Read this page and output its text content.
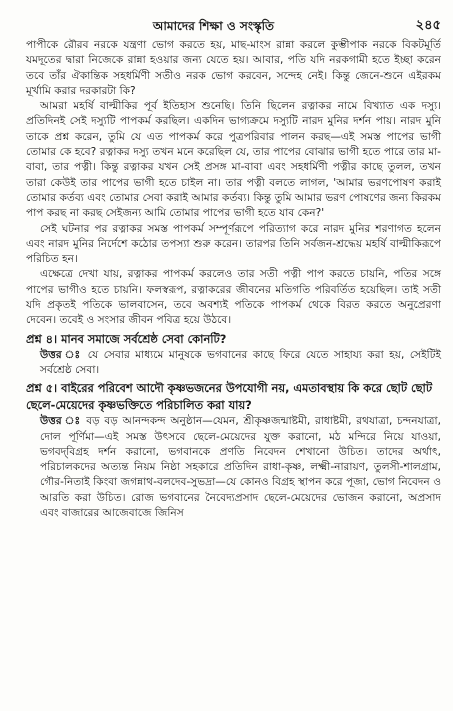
আমাদের শিক্ষা ও সংস্কৃতি	২৪৫

পাপীকে রৌরব নরকে যন্ত্রণা ভোগ করতে হয়, মাছ-মাংস রান্না করলে কুম্ভীপাক নরকে বিকটমূর্তি যমদূতের দ্বারা নিজেকে রান্না হওয়ার জন্য যেতে হয়। আবার, পতি যদি নরকগামী হতে ইচ্ছা করেন তবে তাঁর ঐকান্তিক সহধর্মিণী সতীও নরক ভোগ করবেন, সন্দেহ নেই। কিন্তু জেনে-শুনে এইরকম মূর্খামি করার দরকারটা কি?

আমরা মহর্ষি বাল্মীকির পূর্ব ইতিহাস শুনেছি। তিনি ছিলেন রত্নাকর নামে বিখ্যাত এক দস্যু। প্রতিদিনই সেই দস্যুটি পাপকর্ম করছিল। একদিন ভাগ্যক্রমে দস্যুটি নারদ মুনির দর্শন পায়। নারদ মুনি তাকে প্রশ্ন করেন, তুমি যে এত পাপকর্ম করে পুত্রপরিবার পালন করছ—এই সমস্ত পাপের ভাগী তোমার কে হবে? রত্নাকর দস্যু তখন মনে করেছিল যে, তার পাপের বোঝার ভাগী হতে পারে তার মা-বাবা, তার পত্নী। কিন্তু রত্নাকর যখন সেই প্রসঙ্গ মা-বাবা এবং সহধর্মিণী পত্নীর কাছে তুলল, তখন তারা কেউই তার পাপের ভাগী হতে চাইল না। তার পত্নী বলতে লাগল, 'আমার ভরণপোষণ করাই তোমার কর্তব্য এবং তোমার সেবা করাই আমার কর্তব্য। কিন্তু তুমি আমার ভরণ পোষণের জন্য কিরকম পাপ করছ না করছ সেইজন্য আমি তোমার পাপের ভাগী হতে যাব কেন?'

সেই ঘটনার পর রত্নাকর সমস্ত পাপকর্ম সম্পূর্ণরূপে পরিত্যাগ করে নারদ মুনির শরণাগত হলেন এবং নারদ মুনির নির্দেশে কঠোর তপস্যা শুরু করেন। তারপর তিনি সর্বজন-শ্রদ্ধেয় মহর্ষি বাল্মীকিরূপে পরিচিত হন।

এক্ষেত্রে দেখা যায়, রত্নাকর পাপকর্ম করলেও তার সতী পত্নী পাপ করতে চায়নি, পতির সঙ্গে পাপের ভাগীও হতে চায়নি। ফলস্বরূপ, রত্নাকরের জীবনের মতিগতি পরিবর্তিত হয়েছিল। তাই সতী যদি প্রকৃতই পতিকে ভালবাসেন, তবে অবশ্যই পতিকে পাপকর্ম থেকে বিরত করতে অনুপ্রেরণা দেবেন। তবেই ও সংসার জীবন পবিত্র হয়ে উঠবে।

প্রশ্ন ৪। মানব সমাজে সর্বশ্রেষ্ঠ সেবা কোনটি?

উত্তর ঃ যে সেবার মাধ্যমে মানুষকে ভগবানের কাছে ফিরে যেতে সাহায্য করা হয়, সেইটিই সর্বশ্রেষ্ঠ সেবা।

প্রশ্ন ৫। বাইরের পরিবেশ আদৌ কৃষ্ণভজনের উপযোগী নয়, এমতাবস্থায় কি করে ছোট ছোট ছেলে-মেয়েদের কৃষ্ণভক্তিতে পরিচালিত করা যায়?

উত্তর ঃ বড় বড় আনন্দকন্দ অনুষ্ঠান—যেমন, শ্রীকৃষ্ণজন্মাষ্টমী, রাধাষ্টমী, রথযাত্রা, চন্দনযাত্রা, দোল পূর্ণিমা—এই সমস্ত উৎসবে ছেলে-মেয়েদের যুক্ত করানো, মঠ মন্দিরে নিয়ে যাওয়া, ভগবদ্‌বিগ্রহ দর্শন করানো, ভগবানকে প্রণতি নিবেদন শেখানো উচিত। তাদের অর্থাৎ, পরিচালকদের অত্যন্ত নিয়ম নিষ্ঠা সহকারে প্রতিদিন রাধা-কৃষ্ণ, লক্ষ্মী-নারায়ণ, তুলসী-শালগ্রাম, গৌর-নিতাই কিংবা জগন্নাথ-বলদেব-সুভদ্রা—যে কোনও বিগ্রহ স্থাপন করে পূজা, ভোগ নিবেদন ও আরতি করা উচিত। রোজ ভগবানের নৈবেদ্যপ্রসাদ ছেলে-মেয়েদের ভোজন করানো, অপ্রসাদ এবং বাজারের আজেবাজে জিনিস
